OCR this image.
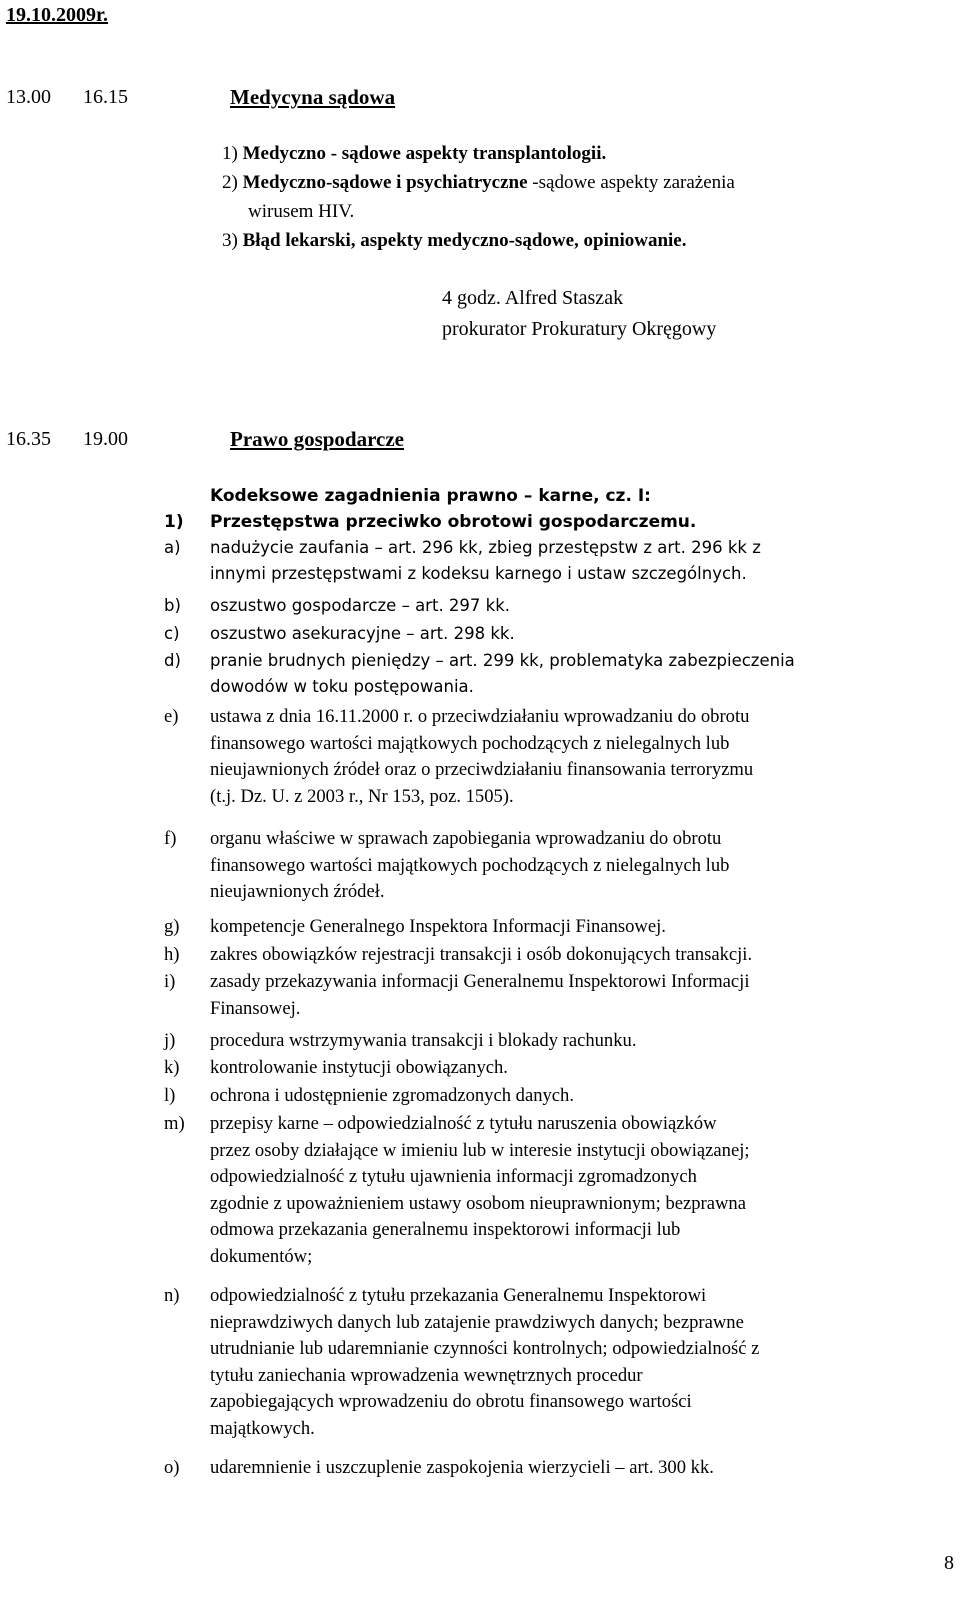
19.10.2009r.
13.00 16.15	Medycyna sądowa
1) Medyczno - sądowe aspekty transplantologii.
2) Medyczno-sądowe i psychiatryczne -sądowe aspekty zarażenia
wirusem HIV.
3) Błąd lekarski, aspekty medyczno-sądowe, opiniowanie.
4 godz. Alfred Staszak
prokurator Prokuratury Okręgowy
16.35 19.00	Prawo gospodarcze
Kodeksowe zagadnienia prawno – karne, cz. I:
1) Przestępstwa przeciwko obrotowi gospodarczemu.
a) nadużycie zaufania – art. 296 kk, zbieg przestępstw z art. 296 kk z
innymi przestępstwami z kodeksu karnego i ustaw szczególnych.
b) oszustwo gospodarcze – art. 297 kk.
c) oszustwo asekuracyjne – art. 298 kk.
d) pranie brudnych pieniędzy – art. 299 kk, problematyka zabezpieczenia
dowodów w toku postępowania.
e) ustawa z dnia 16.11.2000 r. o przeciwdziałaniu wprowadzaniu do obrotu
finansowego wartości majątkowych pochodzących z nielegalnych lub
nieujawnionych źródeł oraz o przeciwdziałaniu finansowania terroryzmu
(t.j. Dz. U. z 2003 r., Nr 153, poz. 1505).
f) organu właściwe w sprawach zapobiegania wprowadzaniu do obrotu
finansowego wartości majątkowych pochodzących z nielegalnych lub
nieujawnionych źródeł.
g) kompetencje Generalnego Inspektora Informacji Finansowej.
h) zakres obowiązków rejestracji transakcji i osób dokonujących transakcji.
i) zasady przekazywania informacji Generalnemu Inspektorowi Informacji
Finansowej.
j) procedura wstrzymywania transakcji i blokady rachunku.
k) kontrolowanie instytucji obowiązanych.
l) ochrona i udostępnienie zgromadzonych danych.
m) przepisy karne – odpowiedzialność z tytułu naruszenia obowiązków
przez osoby działające w imieniu lub w interesie instytucji obowiązanej;
odpowiedzialność z tytułu ujawnienia informacji zgromadzonych
zgodnie z upoważnieniem ustawy osobom nieuprawnionym; bezprawna
odmowa przekazania generalnemu inspektorowi informacji lub
dokumentów;
n) odpowiedzialność z tytułu przekazania Generalnemu Inspektorowi
nieprawdziwych danych lub zatajenie prawdziwych danych; bezprawne
utrudnianie lub udaremnianie czynności kontrolnych; odpowiedzialność z
tytułu zaniechania wprowadzenia wewnętrznych procedur
zapobiegających wprowadzeniu do obrotu finansowego wartości
majątkowych.
o) udaremnienie i uszczuplenie zaspokojenia wierzycieli – art. 300 kk.
8
